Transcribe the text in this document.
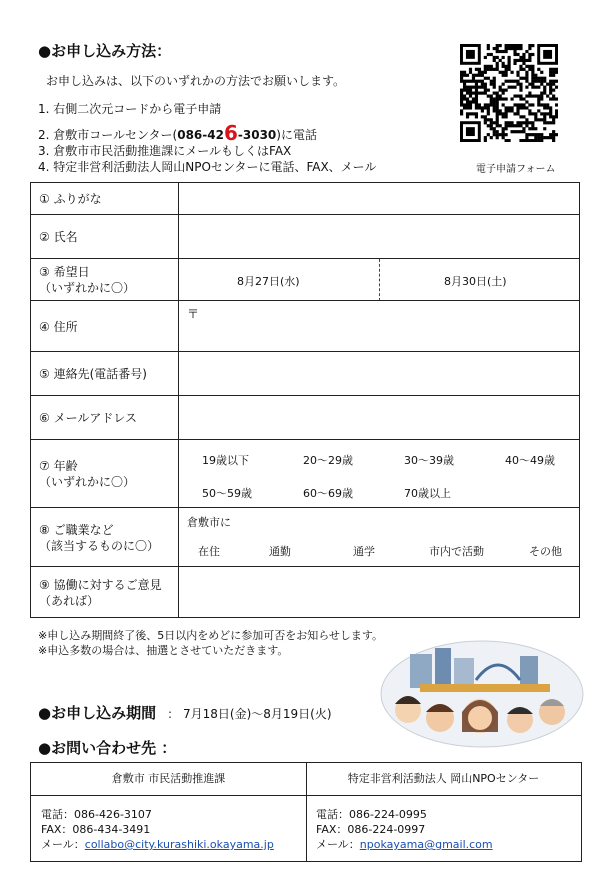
●お申し込み方法：
お申し込みは、以下のいずれかの方法でお願いします。
1. 右側二次元コードから電子申請
2. 倉敷市コールセンター(086-426-3030)に電話
3. 倉敷市市民活動推進課にメールもしくはFAX
4. 特定非営利活動法人岡山NPOセンターに電話、FAX、メール	電子申請フォーム
① ふりがな
② 氏名
③ 希望日
（いずれかに〇）	8月27日(水)	8月30日(土)
④ 住所
〒
⑤ 連絡先(電話番号)
⑥ メールアドレス
⑦ 年齢
（いずれかに〇）
19歳以下	20～29歳	30～39歳	40～49歳
50～59歳	60～69歳	70歳以上
⑧ ご職業など
（該当するものに〇）
倉敷市に
在住	通勤	通学	市内で活動	その他
⑨ 協働に対するご意見
（あれば）
※申し込み期間終了後、5日以内をめどに参加可否をお知らせします。
※申込多数の場合は、抽選とさせていただきます。
●お申し込み期間 ： 7月18日(金)～8月19日(火)
●お問い合わせ先 ：
倉敷市 市民活動推進課
電話：086-426-3107
FAX：086-434-3491
メール：collabo@city.kurashiki.okayama.jp
特定非営利活動法人 岡山NPOセンター
電話：086-224-0995
FAX：086-224-0997
メール：npokayama@gmail.com
